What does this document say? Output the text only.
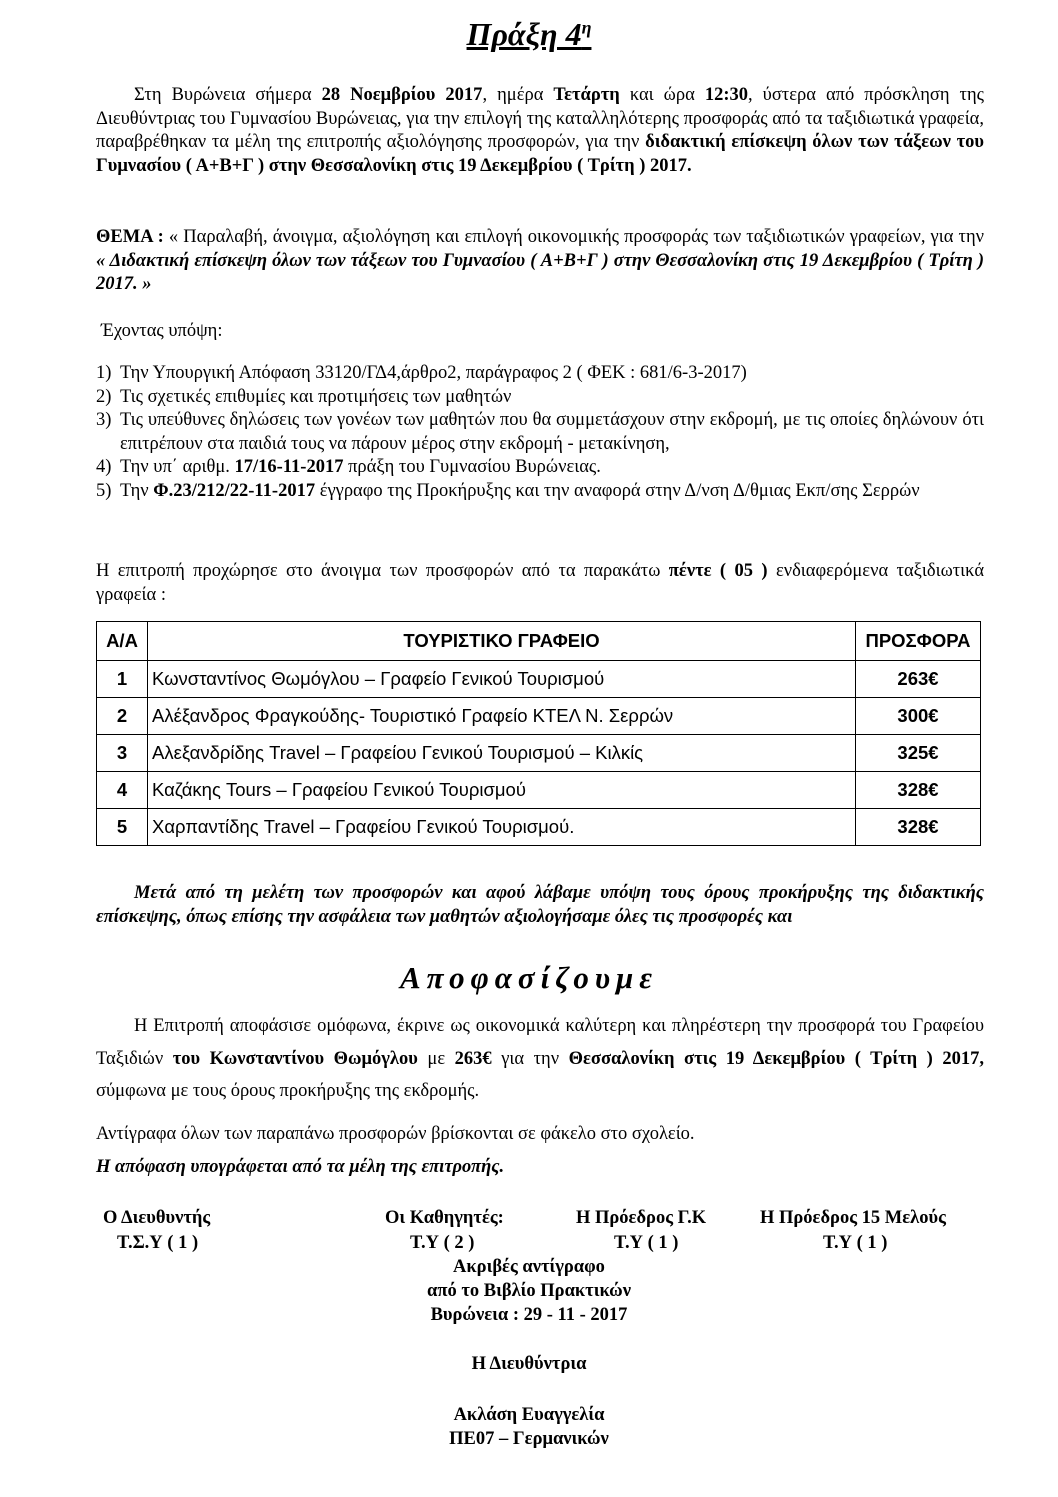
Πράξη $4^\eta$

Στη Βυρώνεια σήμερα 28 Νοεμβρίου 2017, ημέρα Τετάρτη και ώρα 12:30, ύστερα από πρόσκληση της Διευθύντριας του Γυμνασίου Βυρώνειας, για την επιλογή της καταλληλότερης προσφοράς από τα ταξιδιωτικά γραφεία, παραβρέθηκαν τα μέλη της επιτροπής αξιολόγησης προσφορών, για την διδακτική επίσκεψη όλων των τάξεων του Γυμνασίου ( Α+Β+Γ ) στην Θεσσαλονίκη στις 19 Δεκεμβρίου ( Τρίτη ) 2017.

ΘΕΜΑ : « Παραλαβή, άνοιγμα, αξιολόγηση και επιλογή οικονομικής προσφοράς των ταξιδιωτικών γραφείων, για την « Διδακτική επίσκεψη όλων των τάξεων του Γυμνασίου ( Α+Β+Γ ) στην Θεσσαλονίκη στις 19 Δεκεμβρίου ( Τρίτη ) 2017. »

Έχοντας υπόψη:
1) Την Υπουργική Απόφαση 33120/ΓΔ4,άρθρο2, παράγραφος 2 ( ΦΕΚ : 681/6-3-2017)
2) Τις σχετικές επιθυμίες και προτιμήσεις των μαθητών
3) Τις υπεύθυνες δηλώσεις των γονέων των μαθητών που θα συμμετάσχουν στην εκδρομή, με τις οποίες δηλώνουν ότι επιτρέπουν στα παιδιά τους να πάρουν μέρος στην εκδρομή - μετακίνηση,
4) Την υπ΄ αριθμ. 17/16-11-2017 πράξη του Γυμνασίου Βυρώνειας.
5) Την Φ.23/212/22-11-2017 έγγραφο της Προκήρυξης και την αναφορά στην Δ/νση Δ/θμιας Εκπ/σης Σερρών

Η επιτροπή προχώρησε στο άνοιγμα των προσφορών από τα παρακάτω πέντε ( 05 ) ενδιαφερόμενα ταξιδιωτικά γραφεία :

Α/Α	ΤΟΥΡΙΣΤΙΚΟ ΓΡΑΦΕΙΟ	ΠΡΟΣΦΟΡΑ
1	Κωνσταντίνος Θωμόγλου – Γραφείο Γενικού Τουρισμού	263€
2	Αλέξανδρος Φραγκούδης- Τουριστικό Γραφείο ΚΤΕΛ Ν. Σερρών	300€
3	Αλεξανδρίδης Travel – Γραφείου Γενικού Τουρισμού – Κιλκίς	325€
4	Καζάκης Tours – Γραφείου Γενικού Τουρισμού	328€
5	Χαρπαντίδης Travel – Γραφείου Γενικού Τουρισμού.	328€

Μετά από τη μελέτη των προσφορών και αφού λάβαμε υπόψη τους όρους προκήρυξης της διδακτικής επίσκεψης, όπως επίσης την ασφάλεια των μαθητών αξιολογήσαμε όλες τις προσφορές και

Αποφασίζουμε

Η Επιτροπή αποφάσισε ομόφωνα, έκρινε ως οικονομικά καλύτερη και πληρέστερη την προσφορά του Γραφείου Ταξιδιών του Κωνσταντίνου Θωμόγλου με 263€ για την Θεσσαλονίκη στις 19 Δεκεμβρίου ( Τρίτη ) 2017, σύμφωνα με τους όρους προκήρυξης της εκδρομής.

Αντίγραφα όλων των παραπάνω προσφορών βρίσκονται σε φάκελο στο σχολείο.
Η απόφαση υπογράφεται από τα μέλη της επιτροπής.
Ο Διευθυντής
Τ.Σ.Υ ( 1 )
Οι Καθηγητές:
Τ.Υ ( 2 )
Η Πρόεδρος Γ.Κ
Τ.Υ ( 1 )
Η Πρόεδρος 15 Μελούς
Τ.Υ ( 1 )
Ακριβές αντίγραφο
από το Βιβλίο Πρακτικών
Βυρώνεια : 29 - 11 - 2017
Η Διευθύντρια
Ακλάση Ευαγγελία
ΠΕ07 – Γερμανικών
